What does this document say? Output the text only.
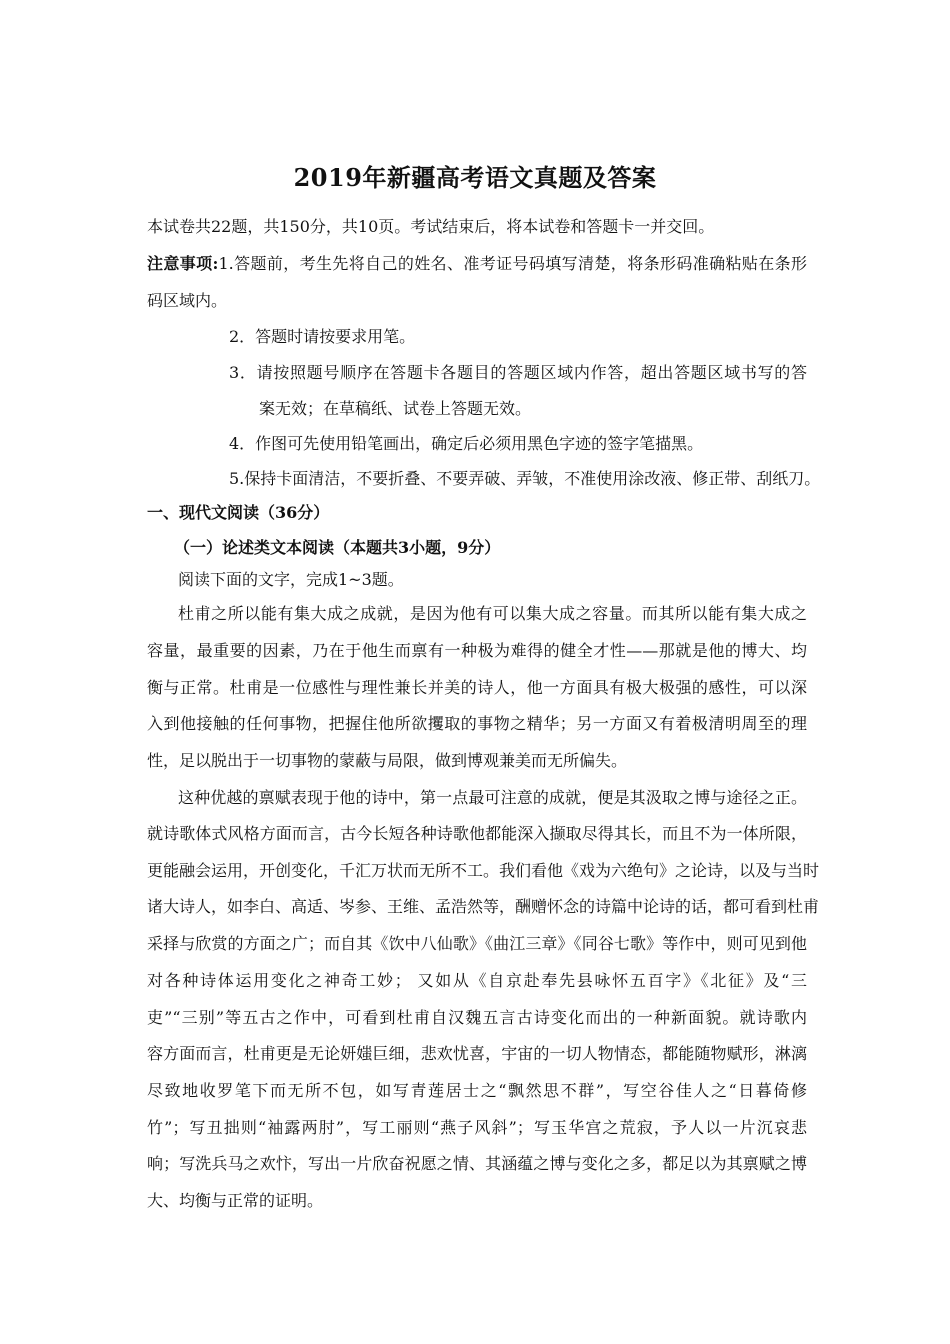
2019年新疆高考语文真题及答案
本试卷共22题，共150分，共10页。考试结束后，将本试卷和答题卡一并交回。
注意事项:1.答题前，考生先将自己的姓名、准考证号码填写清楚，将条形码准确粘贴在条形
码区域内。
2．答题时请按要求用笔。
3．请按照题号顺序在答题卡各题目的答题区域内作答，超出答题区域书写的答
案无效；在草稿纸、试卷上答题无效。
4．作图可先使用铅笔画出，确定后必须用黑色字迹的签字笔描黑。
5.保持卡面清洁，不要折叠、不要弄破、弄皱，不准使用涂改液、修正带、刮纸刀。
一、现代文阅读（36分）
（一）论述类文本阅读（本题共3小题，9分）
阅读下面的文字，完成1~3题。
杜甫之所以能有集大成之成就，是因为他有可以集大成之容量。而其所以能有集大成之
容量，最重要的因素，乃在于他生而禀有一种极为难得的健全才性——那就是他的博大、均
衡与正常。杜甫是一位感性与理性兼长并美的诗人，他一方面具有极大极强的感性，可以深
入到他接触的任何事物，把握住他所欲攫取的事物之精华；另一方面又有着极清明周至的理
性，足以脱出于一切事物的蒙蔽与局限，做到博观兼美而无所偏失。
这种优越的禀赋表现于他的诗中，第一点最可注意的成就，便是其汲取之博与途径之正。
就诗歌体式风格方面而言，古今长短各种诗歌他都能深入撷取尽得其长，而且不为一体所限，
更能融会运用，开创变化，千汇万状而无所不工。我们看他《戏为六绝句》之论诗，以及与当时
诸大诗人，如李白、高适、岑参、王维、孟浩然等，酬赠怀念的诗篇中论诗的话，都可看到杜甫
采择与欣赏的方面之广；而自其《饮中八仙歌》《曲江三章》《同谷七歌》等作中，则可见到他
对各种诗体运用变化之神奇工妙； 又如从《自京赴奉先县咏怀五百字》《北征》及“三
吏”“三别”等五古之作中，可看到杜甫自汉魏五言古诗变化而出的一种新面貌。就诗歌内
容方面而言，杜甫更是无论妍媸巨细，悲欢忧喜，宇宙的一切人物情态，都能随物赋形，淋漓
尽致地收罗笔下而无所不包，如写青莲居士之“飘然思不群”，写空谷佳人之“日暮倚修
竹”；写丑拙则“袖露两肘”，写工丽则“燕子风斜”；写玉华宫之荒寂，予人以一片沉哀悲
响；写洗兵马之欢忭，写出一片欣奋祝愿之情、其涵蕴之博与变化之多，都足以为其禀赋之博
大、均衡与正常的证明。
